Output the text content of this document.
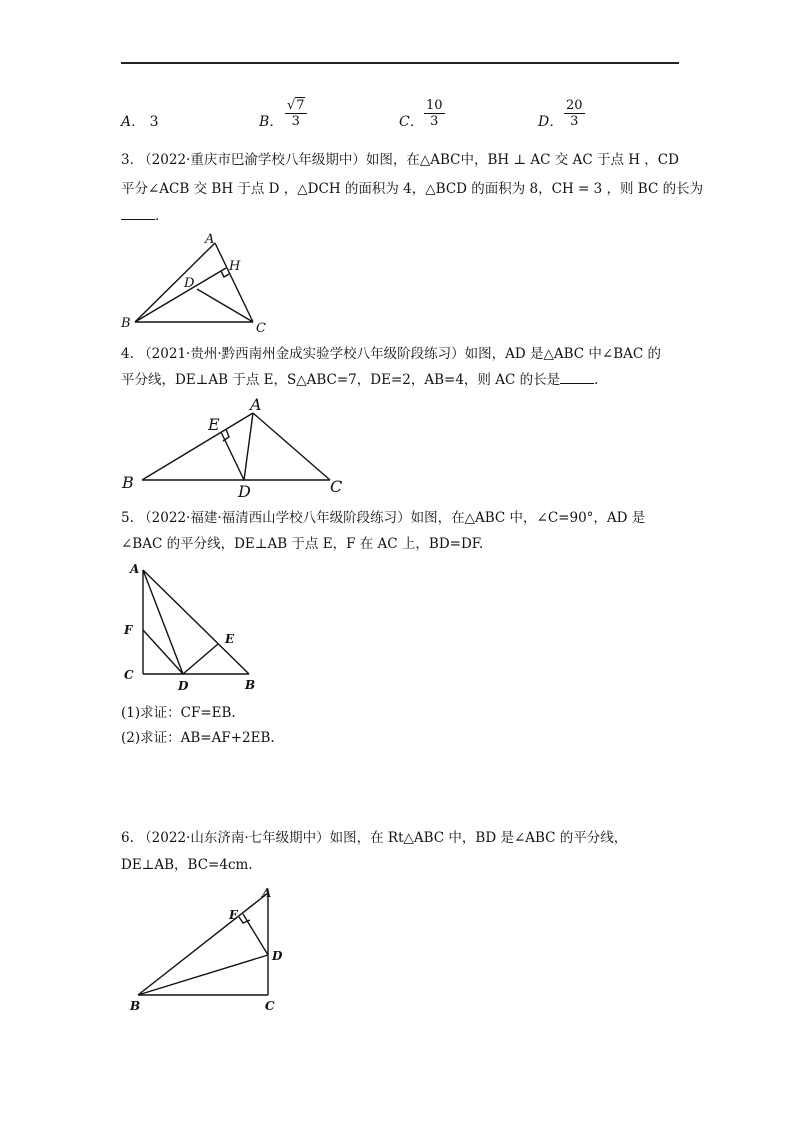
A． 3	B． $\frac{√7}{3}$	C． $\frac{10}{3}$	D． $\frac{20}{3}$
3. （2022·重庆市巴渝学校八年级期中）如图，在△ABC中，BH ⊥ AC 交 AC 于点 H ，CD
平分∠ACB 交 BH 于点 D ，△DCH 的面积为 4，△BCD 的面积为 8，CH = 3 ，则 BC 的长为
．
4. （2021·贵州·黔西南州金成实验学校八年级阶段练习）如图，AD 是△ABC 中∠BAC 的
平分线，DE⊥AB 于点 E，S△ABC=7，DE=2，AB=4，则 AC 的长是	．
5. （2022·福建·福清西山学校八年级阶段练习）如图，在△ABC 中，∠C=90°，AD 是
∠BAC 的平分线，DE⊥AB 于点 E，F 在 AC 上，BD=DF.
(1)求证：CF=EB.
(2)求证：AB=AF+2EB.
6. （2022·山东济南·七年级期中）如图，在 Rt△ABC 中，BD 是∠ABC 的平分线，
DE⊥AB，BC=4cm.
A
H
D
B	C
A
E
B	D	C
A
F
E
C
D	B
A
E
D
B	C
